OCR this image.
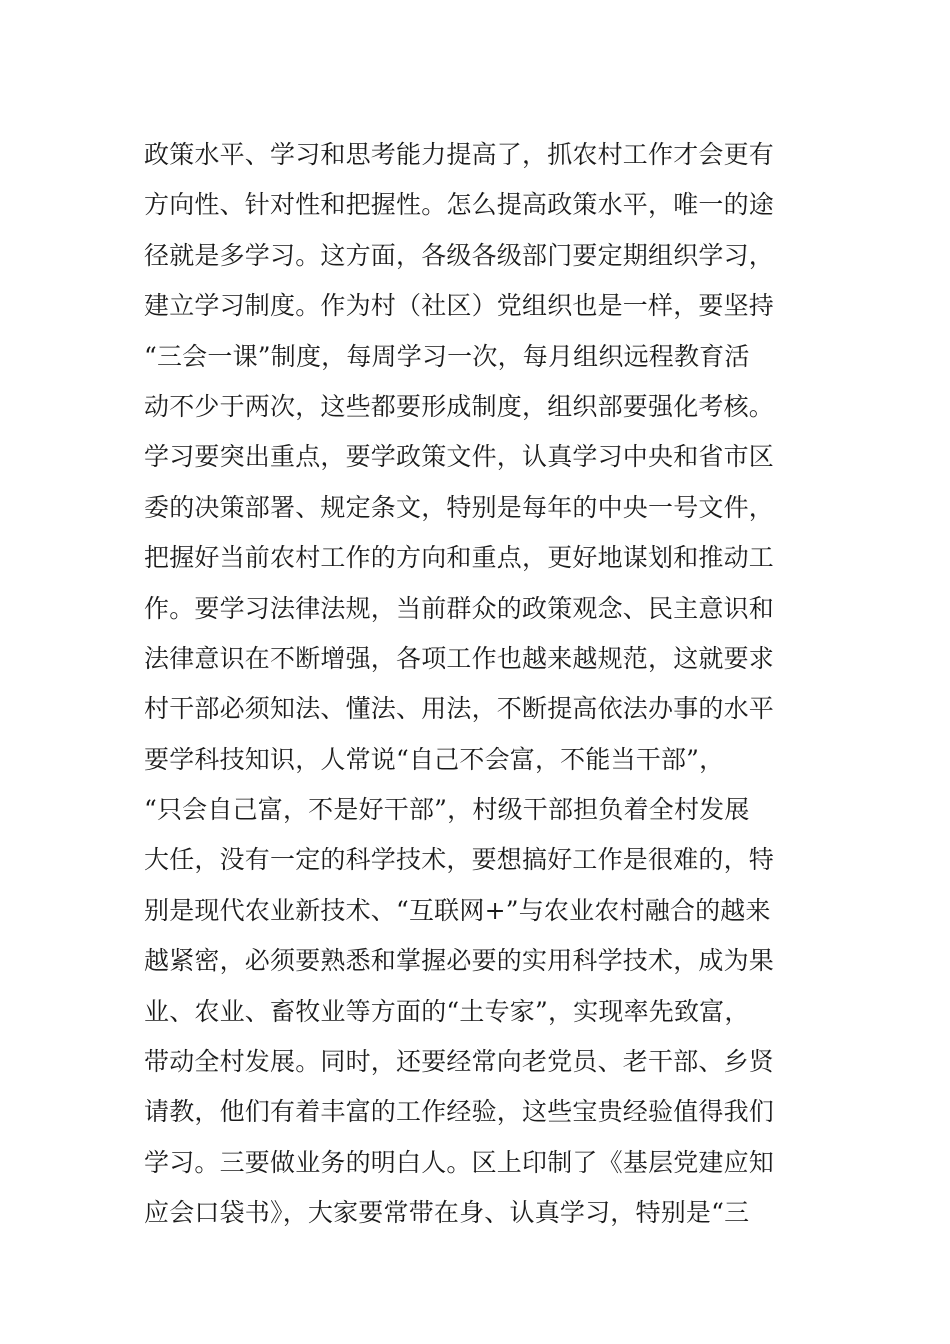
政策水平、学习和思考能力提高了，抓农村工作才会更有
方向性、针对性和把握性。怎么提高政策水平，唯一的途
径就是多学习。这方面，各级各级部门要定期组织学习，
建立学习制度。作为村（社区）党组织也是一样，要坚持
“三会一课”制度，每周学习一次，每月组织远程教育活
动不少于两次，这些都要形成制度，组织部要强化考核。
学习要突出重点，要学政策文件，认真学习中央和省市区
委的决策部署、规定条文，特别是每年的中央一号文件，
把握好当前农村工作的方向和重点，更好地谋划和推动工
作。要学习法律法规，当前群众的政策观念、民主意识和
法律意识在不断增强，各项工作也越来越规范，这就要求
村干部必须知法、懂法、用法，不断提高依法办事的水平
要学科技知识，人常说“自己不会富，不能当干部”，
“只会自己富，不是好干部”，村级干部担负着全村发展
大任，没有一定的科学技术，要想搞好工作是很难的，特
别是现代农业新技术、“互联网+”与农业农村融合的越来
越紧密，必须要熟悉和掌握必要的实用科学技术，成为果
业、农业、畜牧业等方面的“土专家”，实现率先致富，
带动全村发展。同时，还要经常向老党员、老干部、乡贤
请教，他们有着丰富的工作经验，这些宝贵经验值得我们
学习。三要做业务的明白人。区上印制了《基层党建应知
应会口袋书》，大家要常带在身、认真学习，特别是“三
